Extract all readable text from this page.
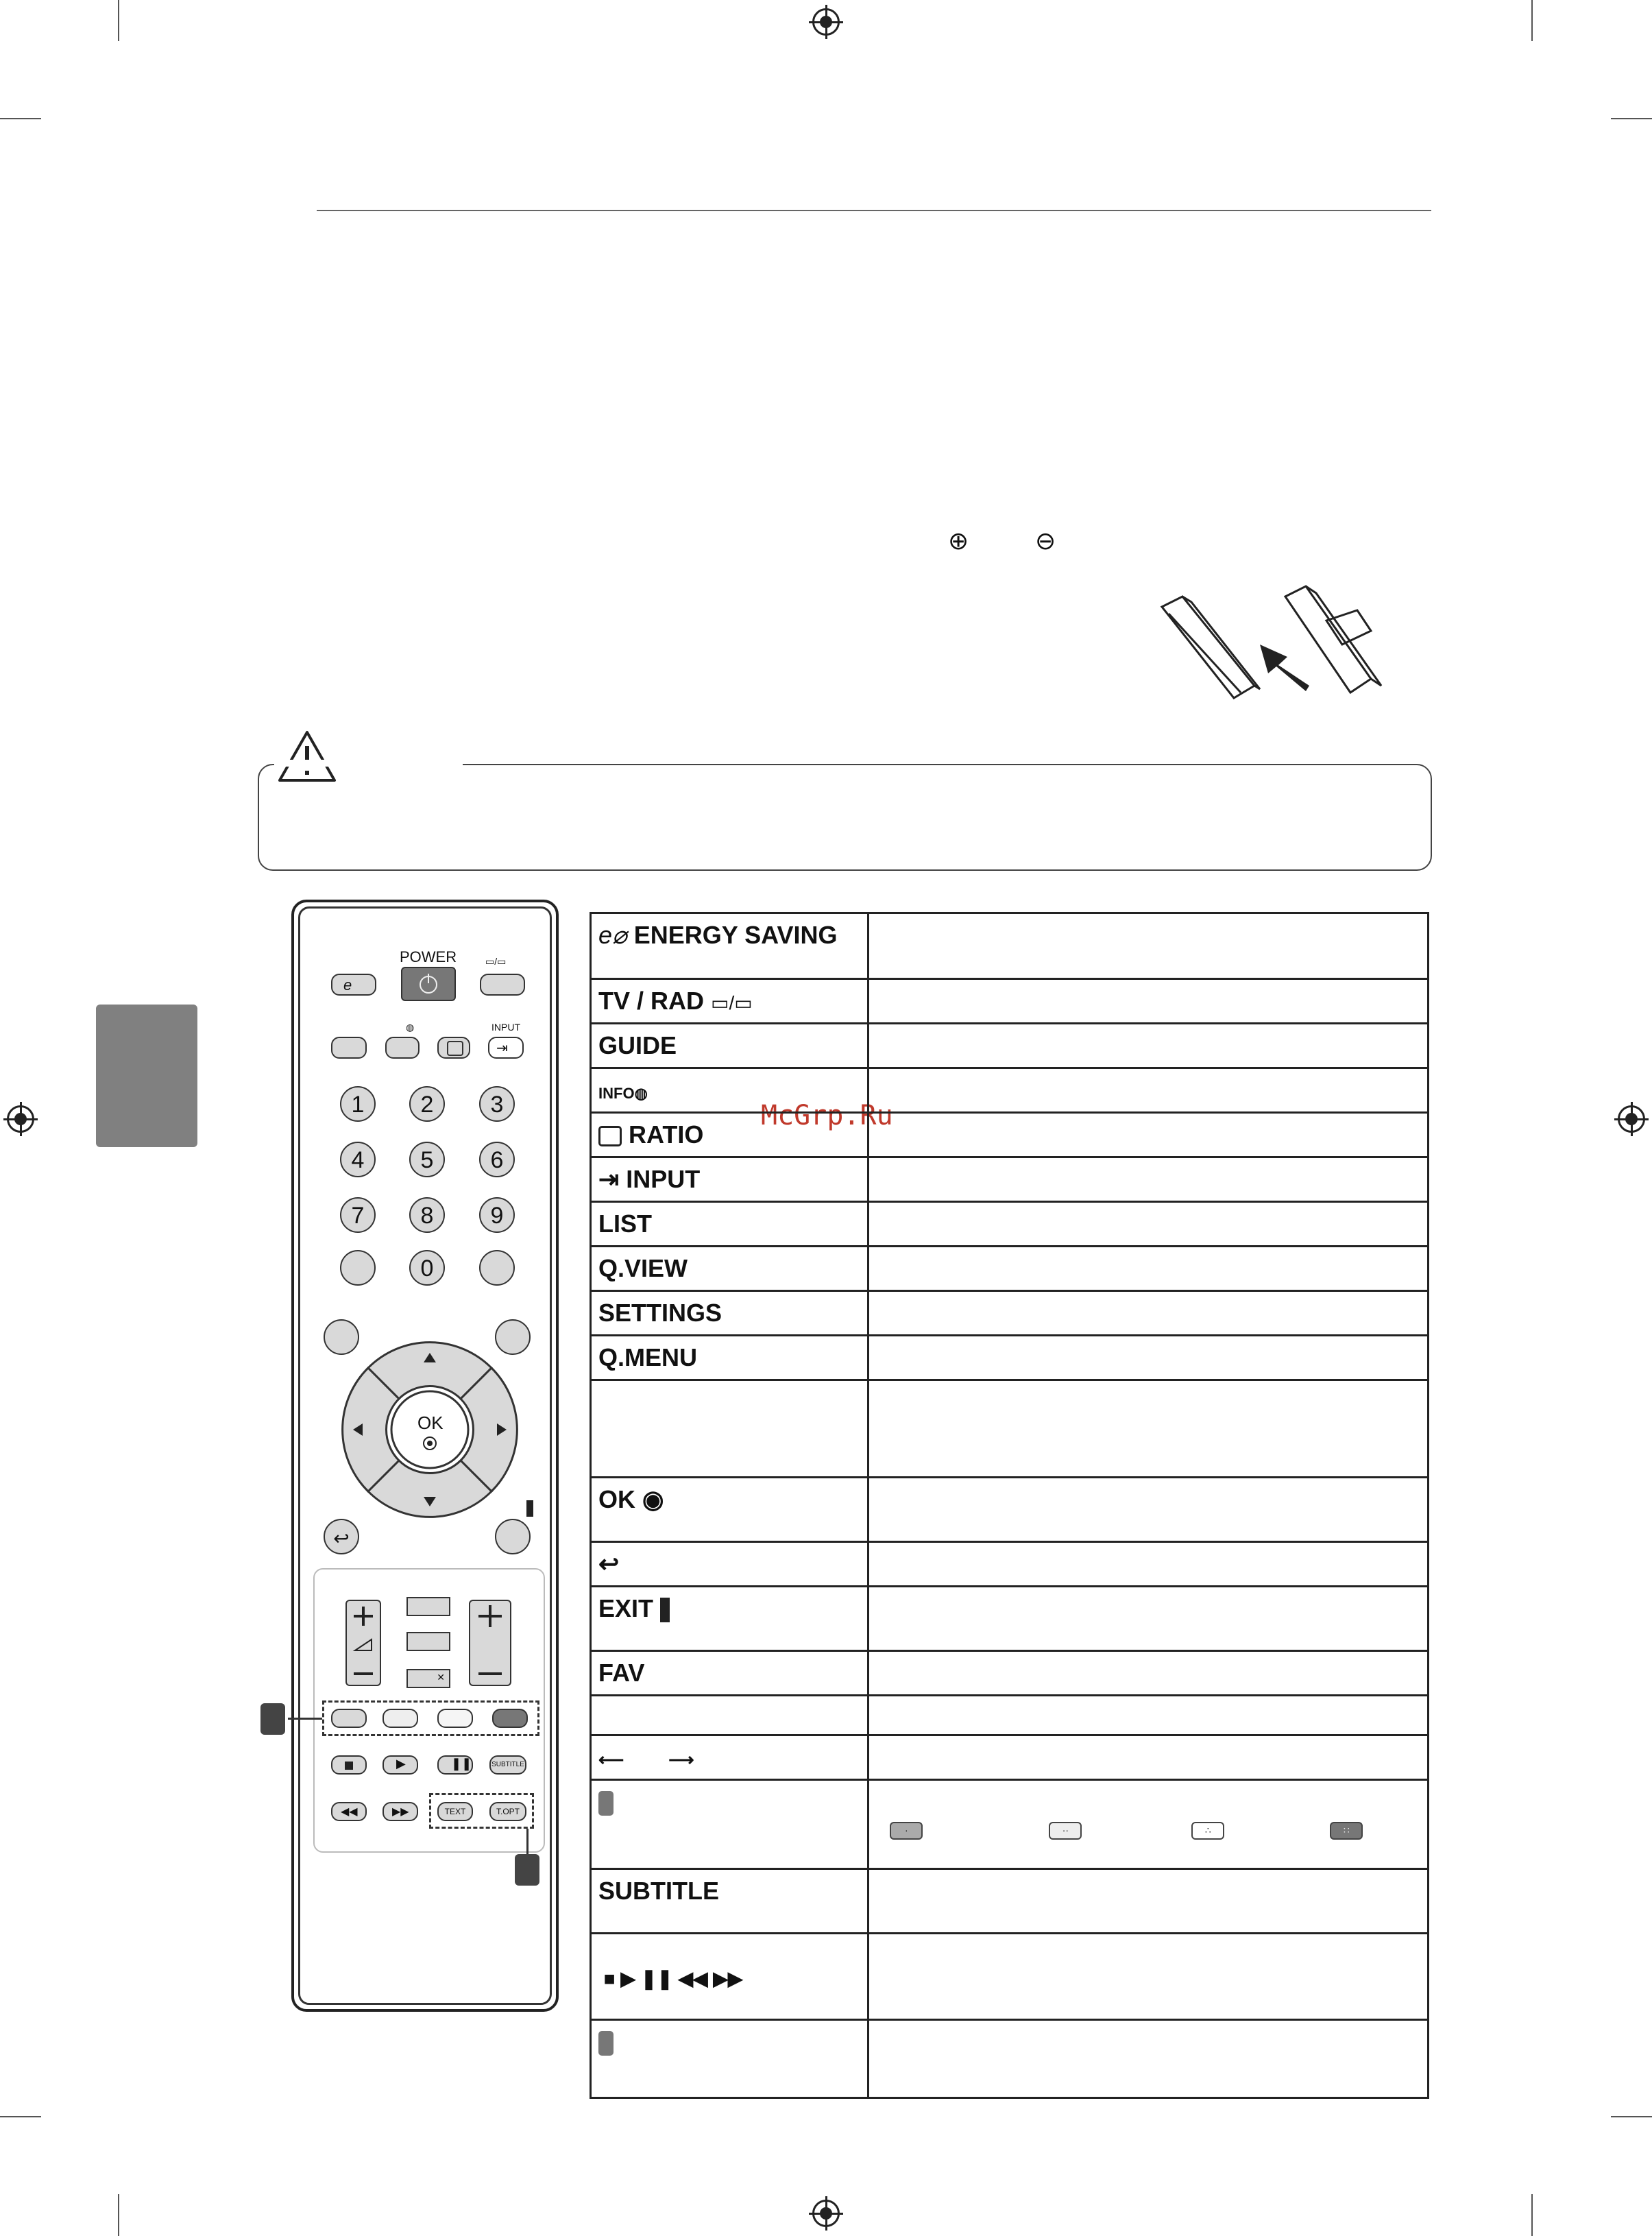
⊕	⊖
POWER
e
▭/▭
◍	INPUT
⇥
1	2	3
4	5	6
7	8	9
0
OK
↩
✕
▶	❚❚	SUBTITLE
◀◀	▶▶	TEXT	T.OPT
McGrp.Ru
e⌀ ENERGY SAVING	
TV / RAD ▭/▭	
GUIDE	
INFO◍	
RATIO	
⇥ INPUT	
LIST	
Q.VIEW	
SETTINGS	
Q.MENU	

OK ◉	
↩	
EXIT	
FAV	

⟵         ⟶	

	· ·· ∴ ∷

SUBTITLE	
■ ▶ ❚❚ ◀◀ ▶▶	
